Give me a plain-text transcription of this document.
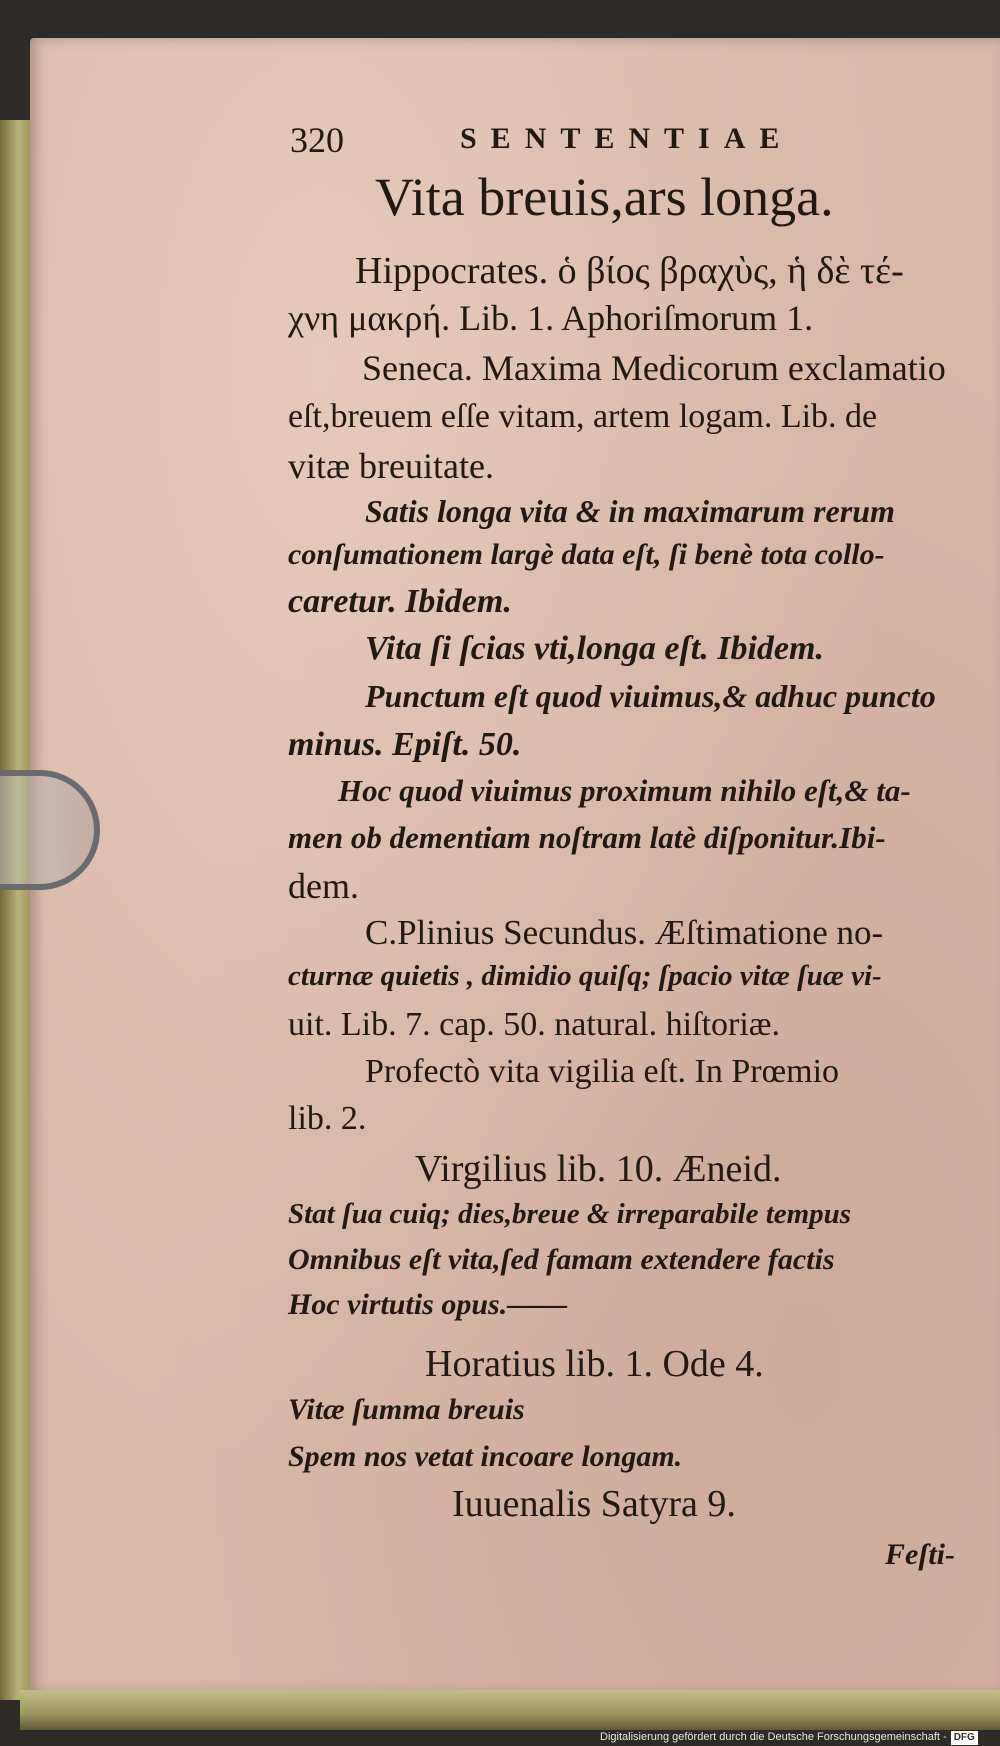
320	SENTENTIAE
Vita breuis,ars longa.
Hippocrates. ὁ βίος βραχὺς, ἡ δὲ τέ-
χνη μακρή. Lib. 1. Aphoriſmorum 1.
Seneca. Maxima Medicorum exclamatio
eſt,breuem eſſe vitam, artem logam. Lib. de
vitæ breuitate.
Satis longa vita & in maximarum rerum
conſumationem largè data eſt, ſi benè tota collo-
caretur. Ibidem.
Vita ſi ſcias vti,longa eſt. Ibidem.
Punctum eſt quod viuimus,& adhuc puncto
minus. Epiſt. 50.
Hoc quod viuimus proximum nihilo eſt,& ta-
men ob dementiam noſtram latè diſponitur.Ibi-
dem.
C.Plinius Secundus. Æſtimatione no-
cturnæ quietis , dimidio quiſq; ſpacio vitæ ſuæ vi-
uit. Lib. 7. cap. 50. natural. hiſtoriæ.
Profectò vita vigilia eſt. In Prœmio
lib. 2.
Virgilius lib. 10. Æneid.
Stat ſua cuiq; dies,breue & irreparabile tempus
Omnibus eſt vita,ſed famam extendere factis
Hoc virtutis opus.——
Horatius lib. 1. Ode 4.
Vitæ ſumma breuis
Spem nos vetat incoare longam.
Iuuenalis Satyra 9.
Feſti-
Digitalisierung gefördert durch die Deutsche Forschungsgemeinschaft - DFG
